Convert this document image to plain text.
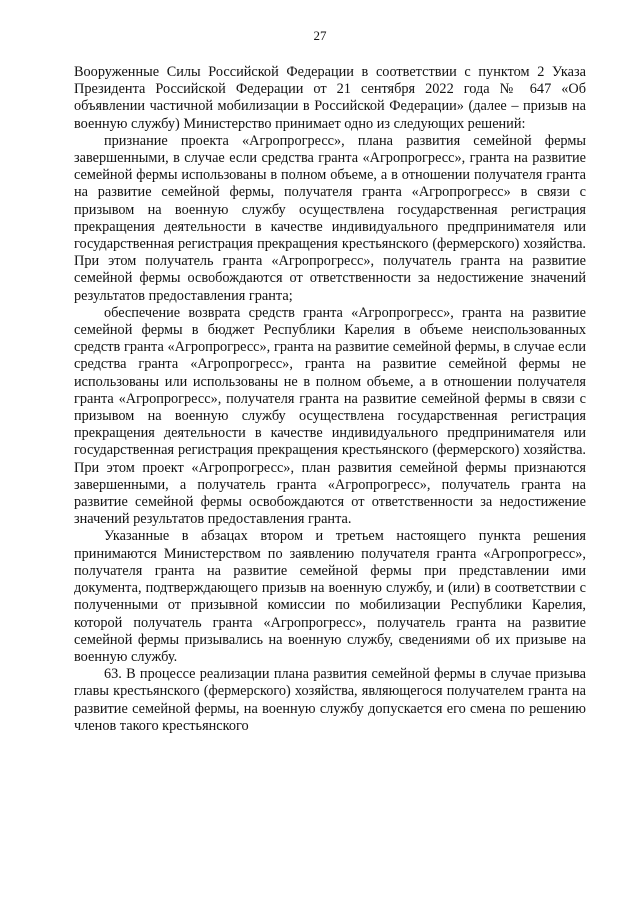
27

Вооруженные Силы Российской Федерации в соответствии с пунктом 2 Указа Президента Российской Федерации от 21 сентября 2022 года № 647 «Об объявлении частичной мобилизации в Российской Федерации» (далее – призыв на военную службу) Министерство принимает одно из следующих решений:

признание проекта «Агропрогресс», плана развития семейной фермы завершенными, в случае если средства гранта «Агропрогресс», гранта на развитие семейной фермы использованы в полном объеме, а в отношении получателя гранта на развитие семейной фермы, получателя гранта «Агропрогресс» в связи с призывом на военную службу осуществлена государственная регистрация прекращения деятельности в качестве индивидуального предпринимателя или государственная регистрация прекращения крестьянского (фермерского) хозяйства. При этом получатель гранта «Агропрогресс», получатель гранта на развитие семейной фермы освобождаются от ответственности за недостижение значений результатов предоставления гранта;

обеспечение возврата средств гранта «Агропрогресс», гранта на развитие семейной фермы в бюджет Республики Карелия в объеме неиспользованных средств гранта «Агропрогресс», гранта на развитие семейной фермы, в случае если средства гранта «Агропрогресс», гранта на развитие семейной фермы не использованы или использованы не в полном объеме, а в отношении получателя гранта «Агропрогресс», получателя гранта на развитие семейной фермы в связи с призывом на военную службу осуществлена государственная регистрация прекращения деятельности в качестве индивидуального предпринимателя или государственная регистрация прекращения крестьянского (фермерского) хозяйства. При этом проект «Агропрогресс», план развития семейной фермы признаются завершенными, а получатель гранта «Агропрогресс», получатель гранта на развитие семейной фермы освобождаются от ответственности за недостижение значений результатов предоставления гранта.

Указанные в абзацах втором и третьем настоящего пункта решения принимаются Министерством по заявлению получателя гранта «Агропрогресс», получателя гранта на развитие семейной фермы при представлении ими документа, подтверждающего призыв на военную службу, и (или) в соответствии с полученными от призывной комиссии по мобилизации Республики Карелия, которой получатель гранта «Агропрогресс», получатель гранта на развитие семейной фермы призывались на военную службу, сведениями об их призыве на военную службу.

63. В процессе реализации плана развития семейной фермы в случае призыва главы крестьянского (фермерского) хозяйства, являющегося получателем гранта на развитие семейной фермы, на военную службу допускается его смена по решению членов такого крестьянского
